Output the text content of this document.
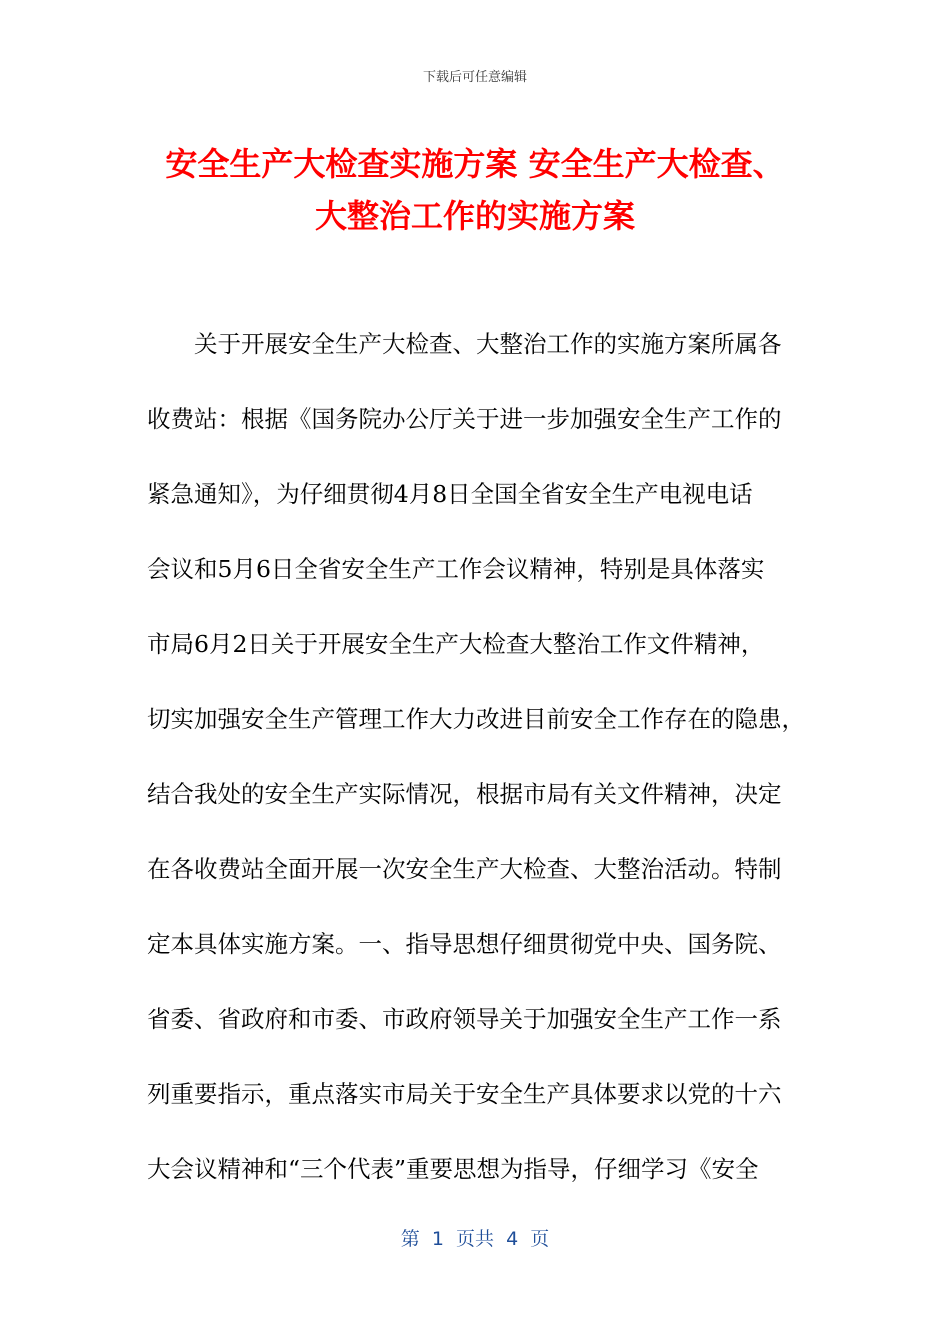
下载后可任意编辑
安全生产大检查实施方案 安全生产大检查、
大整治工作的实施方案
关于开展安全生产大检查、大整治工作的实施方案所属各
收费站：根据《国务院办公厅关于进一步加强安全生产工作的
紧急通知》，为仔细贯彻4月8日全国全省安全生产电视电话
会议和5月6日全省安全生产工作会议精神，特别是具体落实
市局6月2日关于开展安全生产大检查大整治工作文件精神，
切实加强安全生产管理工作大力改进目前安全工作存在的隐患，
结合我处的安全生产实际情况，根据市局有关文件精神，决定
在各收费站全面开展一次安全生产大检查、大整治活动。特制
定本具体实施方案。一、指导思想仔细贯彻党中央、国务院、
省委、省政府和市委、市政府领导关于加强安全生产工作一系
列重要指示，重点落实市局关于安全生产具体要求以党的十六
大会议精神和“三个代表”重要思想为指导，仔细学习《安全
第  1  页共  4  页
